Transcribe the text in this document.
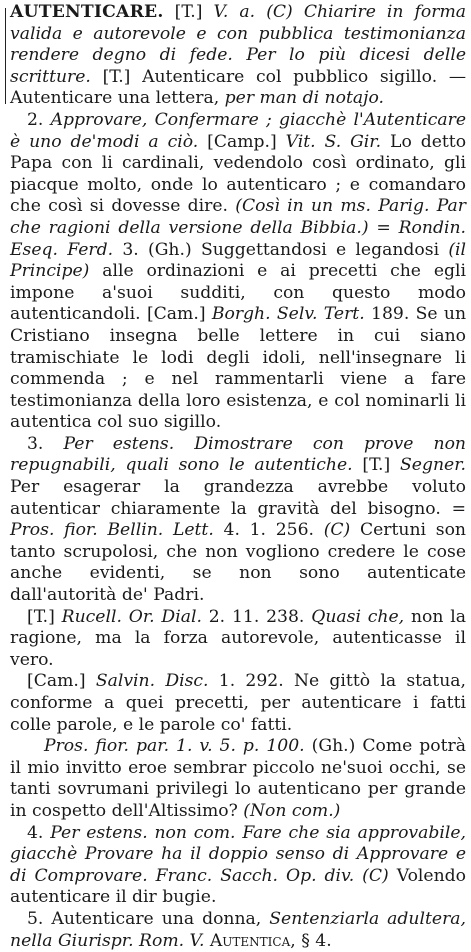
AUTENTICARE. [T.] V. a. (C) Chiarire in forma valida e autorevole e con pubblica testimonianza rendere degno di fede. Per lo più dicesi delle scritture. [T.] Autenticare col pubblico sigillo. — Autenticare una lettera, per man di notajo.

2. Approvare, Confermare ; giacchè l'Autenticare è uno de'modi a ciò. [Camp.] Vit. S. Gir. Lo detto Papa con li cardinali, vedendolo così ordinato, gli piacque molto, onde lo autenticaro ; e comandaro che così si dovesse dire. (Così in un ms. Parig. Par che ragioni della versione della Bibbia.) = Rondin. Eseq. Ferd. 3. (Gh.) Suggettandosi e legandosi (il Principe) alle ordinazioni e ai precetti che egli impone a'suoi sudditi, con questo modo autenticandoli. [Cam.] Borgh. Selv. Tert. 189. Se un Cristiano insegna belle lettere in cui siano tramischiate le lodi degli idoli, nell'insegnare li commenda ; e nel rammentarli viene a fare testimonianza della loro esistenza, e col nominarli li autentica col suo sigillo.

3. Per estens. Dimostrare con prove non repugnabili, quali sono le autentiche. [T.] Segner. Per esagerar la grandezza avrebbe voluto autenticar chiaramente la gravità del bisogno. = Pros. fior. Bellin. Lett. 4. 1. 256. (C) Certuni son tanto scrupolosi, che non vogliono credere le cose anche evidenti, se non sono autenticate dall'autorità de' Padri.

[T.] Rucell. Or. Dial. 2. 11. 238. Quasi che, non la ragione, ma la forza autorevole, autenticasse il vero.

[Cam.] Salvin. Disc. 1. 292. Ne gittò la statua, conforme a quei precetti, per autenticare i fatti colle parole, e le parole co' fatti.

Pros. fior. par. 1. v. 5. p. 100. (Gh.) Come potrà il mio invitto eroe sembrar piccolo ne'suoi occhi, se tanti sovrumani privilegi lo autenticano per grande in cospetto dell'Altissimo? (Non com.)

4. Per estens. non com. Fare che sia approvabile, giacchè Provare ha il doppio senso di Approvare e di Comprovare. Franc. Sacch. Op. div. (C) Volendo autenticare il dir bugie.

5. Autenticare una donna, Sentenziarla adultera, nella Giurispr. Rom. V. Autentica, § 4.
